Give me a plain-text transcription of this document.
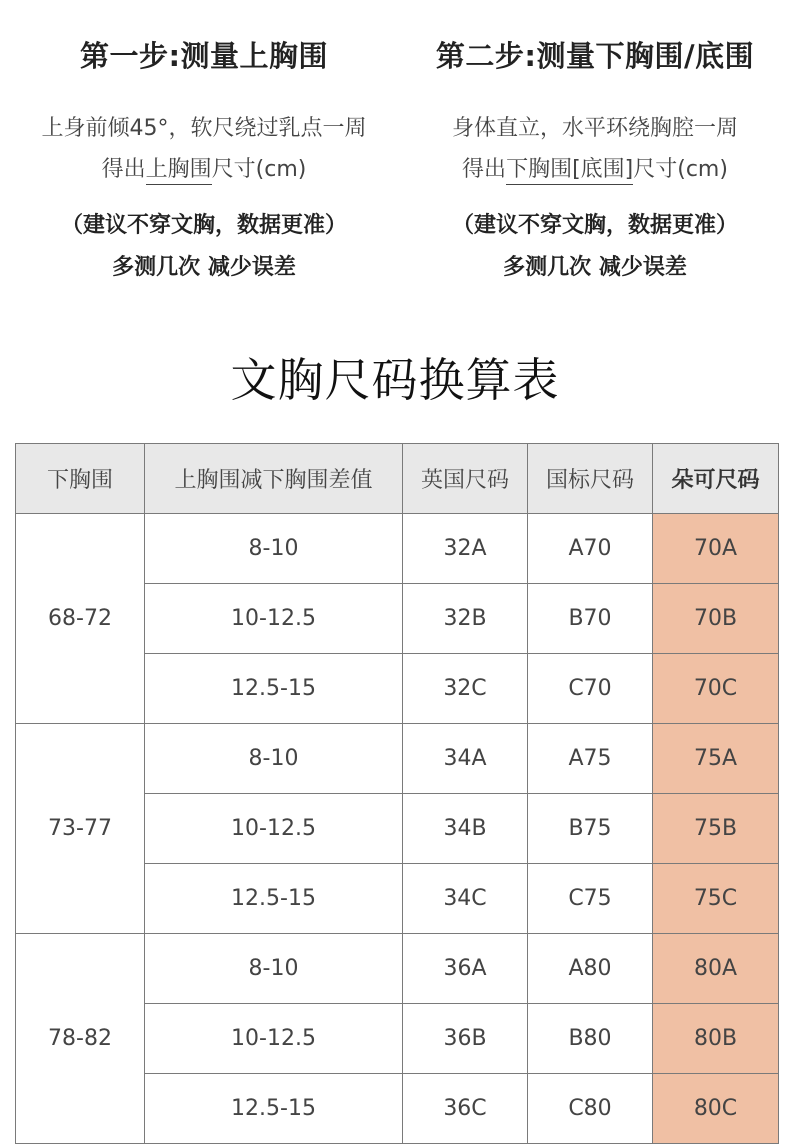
第一步:测量上胸围
上身前倾45°，软尺绕过乳点一周
得出上胸围尺寸(cm)
（建议不穿文胸，数据更准）
多测几次 减少误差
第二步:测量下胸围/底围
身体直立，水平环绕胸腔一周
得出下胸围[底围]尺寸(cm)
（建议不穿文胸，数据更准）
多测几次 减少误差
文胸尺码换算表
下胸围	上胸围减下胸围差值	英国尺码	国标尺码	朵可尺码
68-72	8-10	32A	A70	70A
	10-12.5	32B	B70	70B
	12.5-15	32C	C70	70C
73-77	8-10	34A	A75	75A
	10-12.5	34B	B75	75B
	12.5-15	34C	C75	75C
78-82	8-10	36A	A80	80A
	10-12.5	36B	B80	80B
	12.5-15	36C	C80	80C
